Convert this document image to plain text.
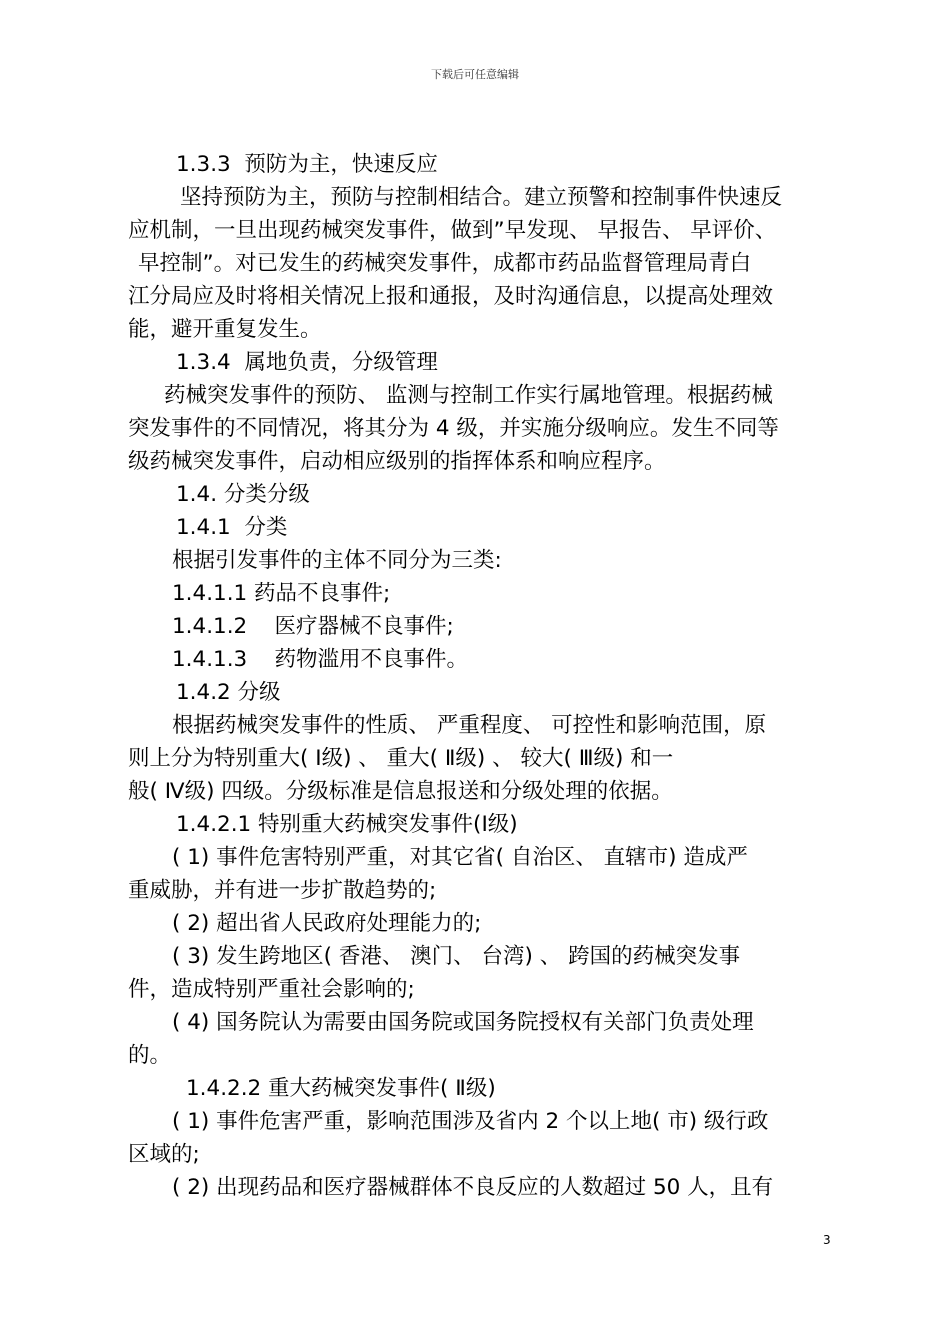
下载后可任意编辑
1.3.3  预防为主，快速反应
坚持预防为主，预防与控制相结合。建立预警和控制事件快速反
应机制，一旦出现药械突发事件，做到”早发现、 早报告、 早评价、
早控制”。对已发生的药械突发事件，成都市药品监督管理局青白
江分局应及时将相关情况上报和通报，及时沟通信息，以提高处理效
能，避开重复发生。
1.3.4  属地负责，分级管理
药械突发事件的预防、 监测与控制工作实行属地管理。根据药械
突发事件的不同情况，将其分为 4 级，并实施分级响应。发生不同等
级药械突发事件，启动相应级别的指挥体系和响应程序。
1.4. 分类分级
1.4.1  分类
根据引发事件的主体不同分为三类:
1.4.1.1 药品不良事件;
1.4.1.2    医疗器械不良事件;
1.4.1.3    药物滥用不良事件。
1.4.2 分级
根据药械突发事件的性质、 严重程度、 可控性和影响范围，原
则上分为特别重大( Ⅰ级) 、 重大( Ⅱ级) 、 较大( Ⅲ级) 和一
般( Ⅳ级) 四级。分级标准是信息报送和分级处理的依据。
1.4.2.1 特别重大药械突发事件(Ⅰ级)
( 1) 事件危害特别严重，对其它省( 自治区、 直辖市) 造成严
重威胁，并有进一步扩散趋势的;
( 2) 超出省人民政府处理能力的;
( 3) 发生跨地区( 香港、 澳门、 台湾) 、 跨国的药械突发事
件，造成特别严重社会影响的;
( 4) 国务院认为需要由国务院或国务院授权有关部门负责处理
的。
1.4.2.2 重大药械突发事件( Ⅱ级)
( 1) 事件危害严重，影响范围涉及省内 2 个以上地( 市) 级行政
区域的;
( 2) 出现药品和医疗器械群体不良反应的人数超过 50 人，且有
3
